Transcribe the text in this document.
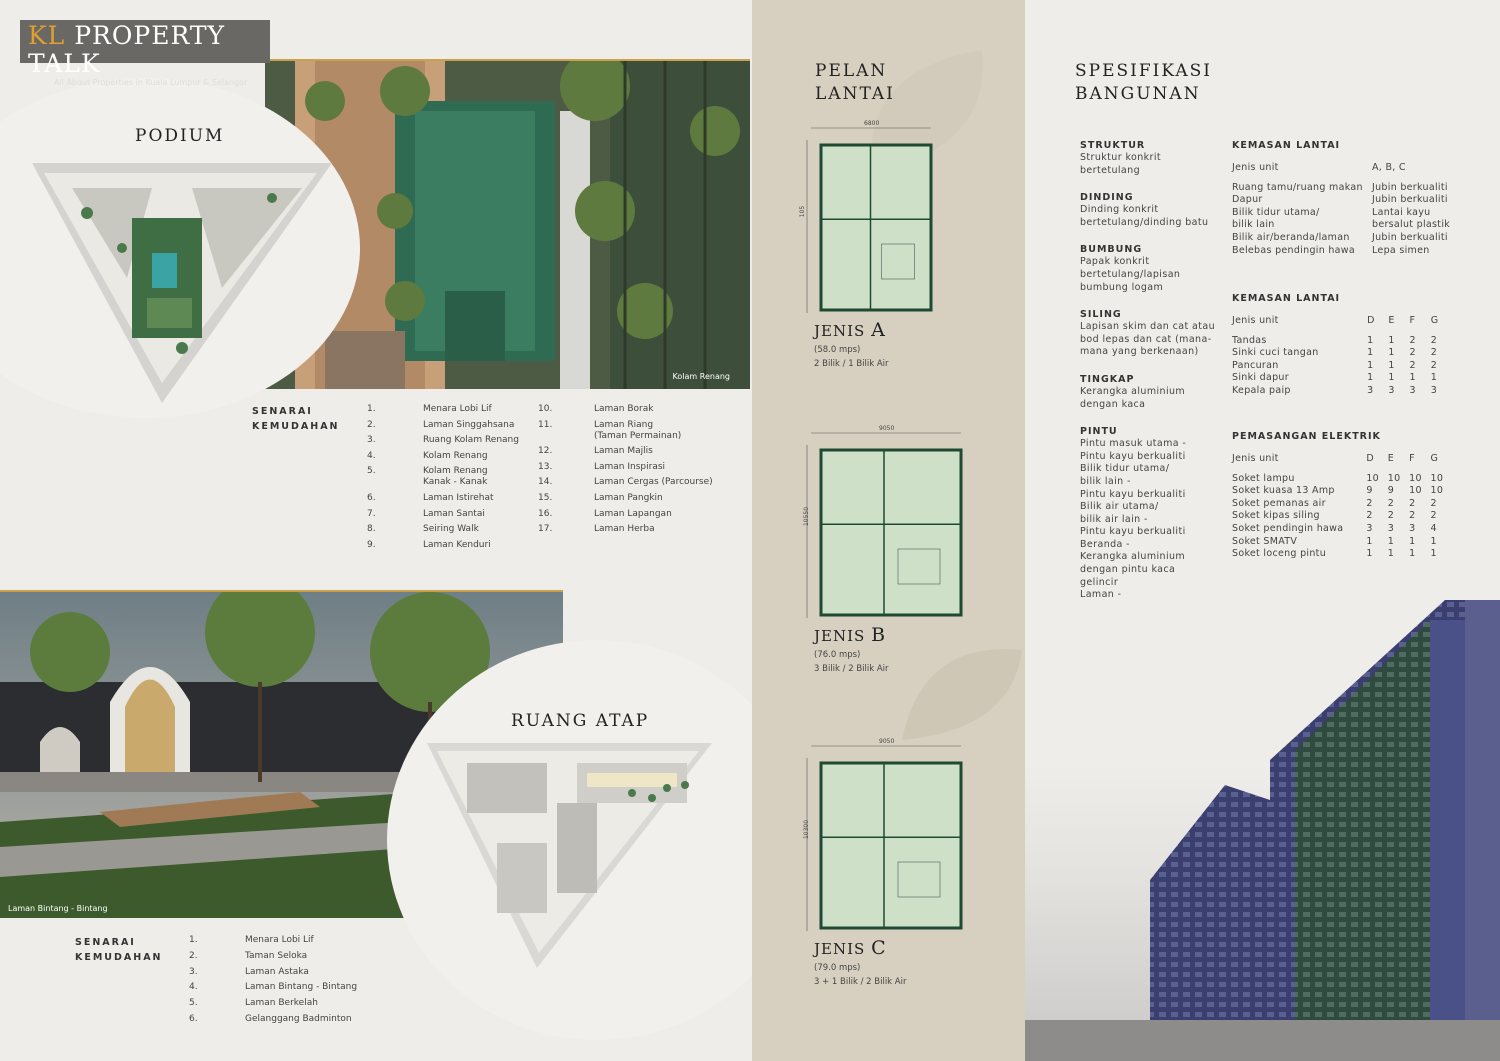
Kolam Renang
KL PROPERTY TALK
All About Properties in Kuala Lumpur & Selangor
PODIUM
SENARAI
KEMUDAHAN
1.	Menara Lobi Lif
2.	Laman Singgahsana
3.	Ruang Kolam Renang
4.	Kolam Renang
5.	Kolam Renang
Kanak - Kanak
6.	Laman Istirehat
7.	Laman Santai
8.	Seiring Walk
9.	Laman Kenduri
10.	Laman Borak
11.	Laman Riang
(Taman Permainan)
12.	Laman Majlis
13.	Laman Inspirasi
14.	Laman Cergas (Parcourse)
15.	Laman Pangkin
16.	Laman Lapangan
17.	Laman Herba
Laman Bintang - Bintang
RUANG ATAP
SENARAI
KEMUDAHAN
1.	Menara Lobi Lif
2.	Taman Seloka
3.	Laman Astaka
4.	Laman Bintang - Bintang
5.	Laman Berkelah
6.	Gelanggang Badminton
PELAN
LANTAI
6800
105
JENIS A
(58.0 mps)
2 Bilik / 1 Bilik Air
9050
10550
JENIS B
(76.0 mps)
3 Bilik / 2 Bilik Air
9050
10300
JENIS C
(79.0 mps)
3 + 1 Bilik / 2 Bilik Air
SPESIFIKASI
BANGUNAN
STRUKTUR
Struktur konkrit
bertetulang
DINDING
Dinding konkrit
bertetulang/dinding batu
BUMBUNG
Papak konkrit
bertetulang/lapisan
bumbung logam
SILING
Lapisan skim dan cat atau
bod lepas dan cat (mana-
mana yang berkenaan)
TINGKAP
Kerangka aluminium
dengan kaca
PINTU
Pintu masuk utama -
Pintu kayu berkualiti
Bilik tidur utama/
bilik lain -
Pintu kayu berkualiti
Bilik air utama/
bilik air lain -
Pintu kayu berkualiti
Beranda -
Kerangka aluminium
dengan pintu kaca
gelincir
Laman -

KEMASAN LANTAI
Jenis unit	A, B, C

Ruang tamu/ruang makan	Jubin berkualiti
Dapur	Jubin berkualiti
Bilik tidur utama/
bilik lain	Lantai kayu
bersalut plastik
Bilik air/beranda/laman	Jubin berkualiti
Belebas pendingin hawa	Lepa simen
KEMASAN LANTAI
Jenis unit	D	E	F	G

Tandas	1	1	2	2
Sinki cuci tangan	1	1	2	2
Pancuran	1	1	2	2
Sinki dapur	1	1	1	1
Kepala paip	3	3	3	3
PEMASANGAN ELEKTRIK
Jenis unit	D	E	F	G

Soket lampu	10	10	10	10
Soket kuasa 13 Amp	9	9	10	10
Soket pemanas air	2	2	2	2
Soket kipas siling	2	2	2	2
Soket pendingin hawa	3	3	3	4
Soket SMATV	1	1	1	1
Soket loceng pintu	1	1	1	1
